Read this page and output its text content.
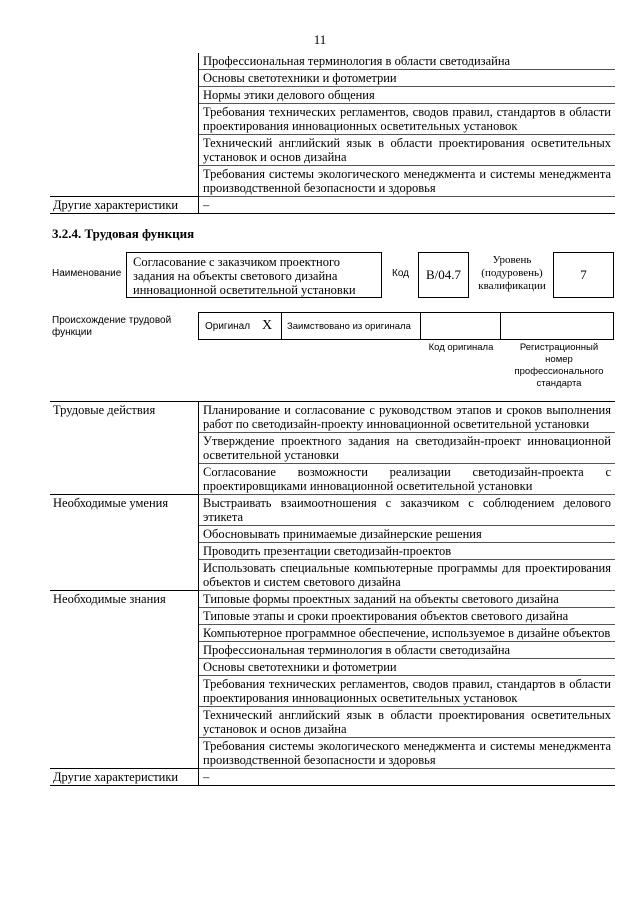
11
	Профессиональная терминология в области светодизайна
	Основы светотехники и фотометрии
	Нормы этики делового общения
	Требования технических регламентов, сводов правил, стандартов в области проектирования инновационных осветительных установок
	Технический английский язык в области проектирования осветительных установок и основ дизайна
	Требования системы экологического менеджмента и системы менеджмента производственной безопасности и здоровья
Другие характеристики	–
3.2.4. Трудовая функция
Наименование
Согласование с заказчиком проектного задания на объекты светового дизайна инновационной осветительной установки
Код	B/04.7
Уровень (подуровень) квалификации
7
Происхождение трудовой функции
Оригинал X Заимствовано из оригинала
Код оригинала	Регистрационный номер профессионального стандарта
Трудовые действия	Планирование и согласование с руководством этапов и сроков выполнения работ по светодизайн-проекту инновационной осветительной установки
	Утверждение проектного задания на светодизайн-проект инновационной осветительной установки
	Согласование возможности реализации светодизайн-проекта с проектировщиками инновационной осветительной установки
Необходимые умения	Выстраивать взаимоотношения с заказчиком с соблюдением делового этикета
	Обосновывать принимаемые дизайнерские решения
	Проводить презентации светодизайн-проектов
	Использовать специальные компьютерные программы для проектирования объектов и систем светового дизайна
Необходимые знания	Типовые формы проектных заданий на объекты светового дизайна
	Типовые этапы и сроки проектирования объектов светового дизайна
	Компьютерное программное обеспечение, используемое в дизайне объектов
	Профессиональная терминология в области светодизайна
	Основы светотехники и фотометрии
	Требования технических регламентов, сводов правил, стандартов в области проектирования инновационных осветительных установок
	Технический английский язык в области проектирования осветительных установок и основ дизайна
	Требования системы экологического менеджмента и системы менеджмента производственной безопасности и здоровья
Другие характеристики	–
